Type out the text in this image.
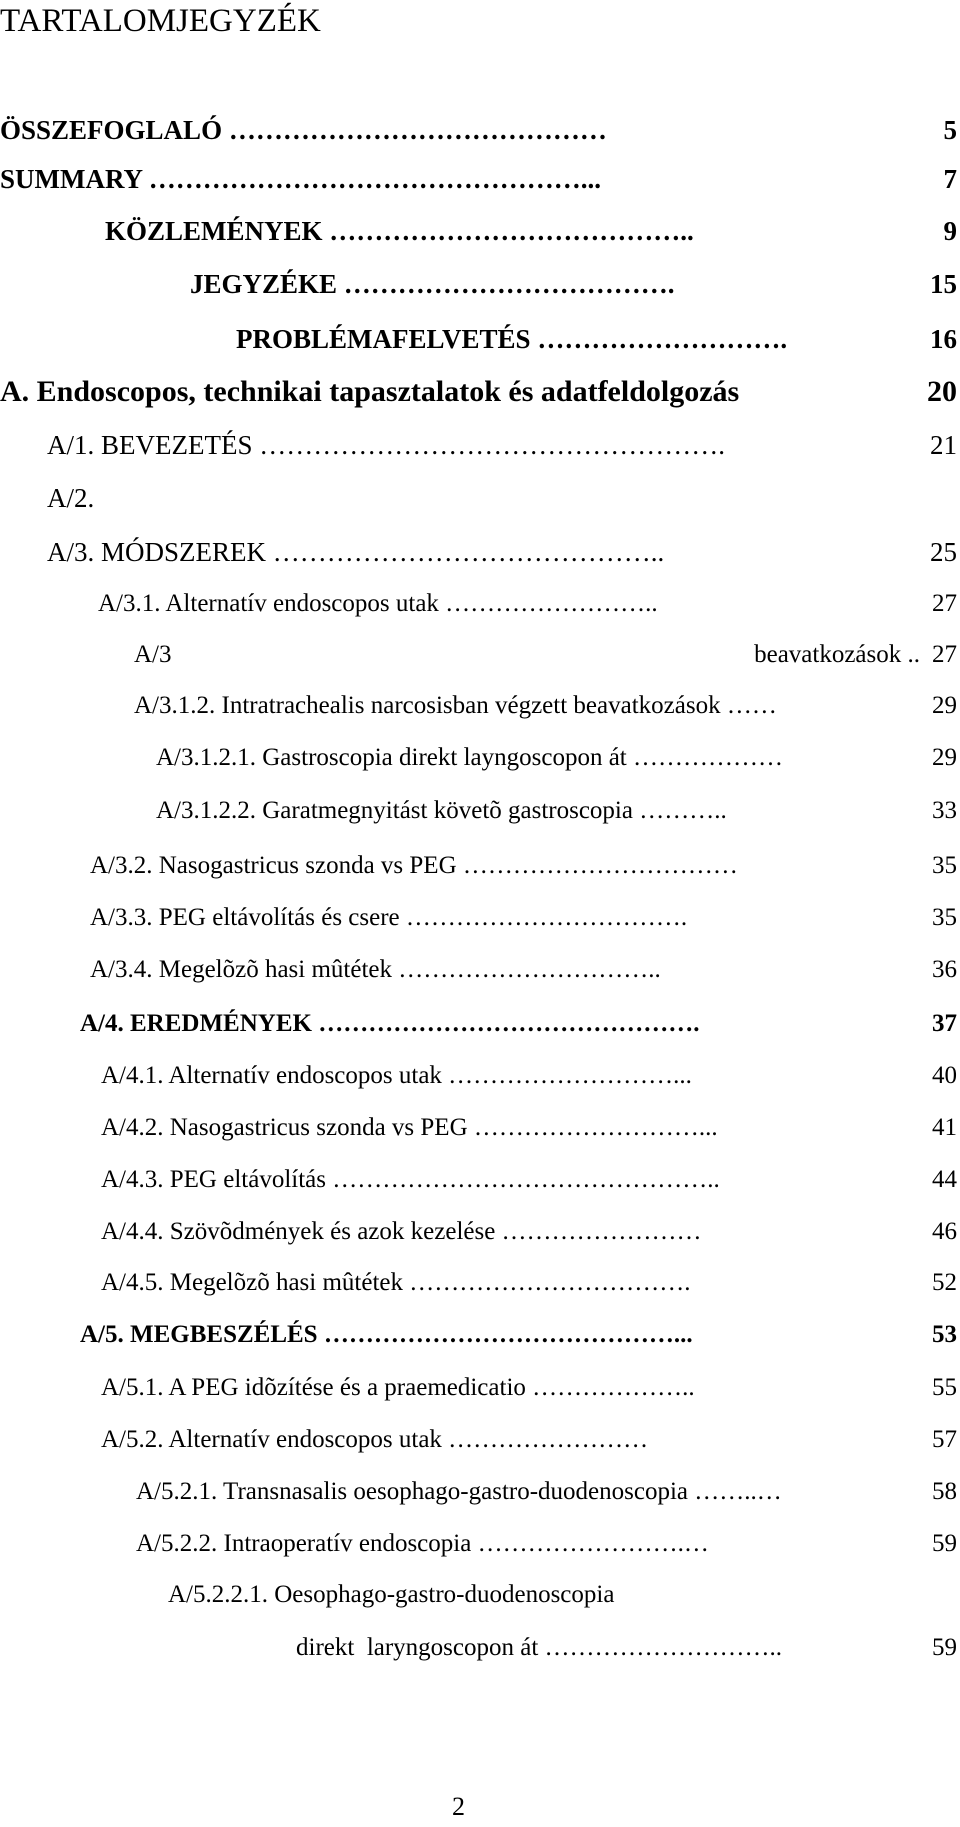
TARTALOMJEGYZÉK
ÖSSZEFOGLALÓ ……………………………………	5
SUMMARY …………………………………………...	7
KÖZLEMÉNYEK …………………………………..	9
JEGYZÉKE ……………………………….	15
PROBLÉMAFELVETÉS ……………………….	16
A. Endoscopos, technikai tapasztalatok és adatfeldolgozás	20
A/1. BEVEZETÉS …………………………………………….	21
A/2.
A/3. MÓDSZEREK ……………………………………..	25
A/3.1. Alternatív endoscopos utak ……………………..	27
A/3	beavatkozások .. 27
A/3.1.2. Intratrachealis narcosisban végzett beavatkozások ……	29
A/3.1.2.1. Gastroscopia direkt layngoscopon át ………………	29
A/3.1.2.2. Garatmegnyitást követõ gastroscopia ………..	33
A/3.2. Nasogastricus szonda vs PEG ……………………………	35
A/3.3. PEG eltávolítás és csere …………………………….	35
A/3.4. Megelõzõ hasi mûtétek …………………………..	36
A/4. EREDMÉNYEK ……………………………………….	37
A/4.1. Alternatív endoscopos utak ………………………...	40
A/4.2. Nasogastricus szonda vs PEG ………………………...	41
A/4.3. PEG eltávolítás ………………………………………..	44
A/4.4. Szövõdmények és azok kezelése ……………………	46
A/4.5. Megelõzõ hasi mûtétek …………………………….	52
A/5. MEGBESZÉLÉS ……………………………………...	53
A/5.1. A PEG idõzítése és a praemedicatio ………………..	55
A/5.2. Alternatív endoscopos utak ……………………	57
A/5.2.1. Transnasalis oesophago-gastro-duodenoscopia ……..…	58
A/5.2.2. Intraoperatív endoscopia …………………….…	59
A/5.2.2.1. Oesophago-gastro-duodenoscopia
direkt  laryngoscopon át ………………………..	59
2
